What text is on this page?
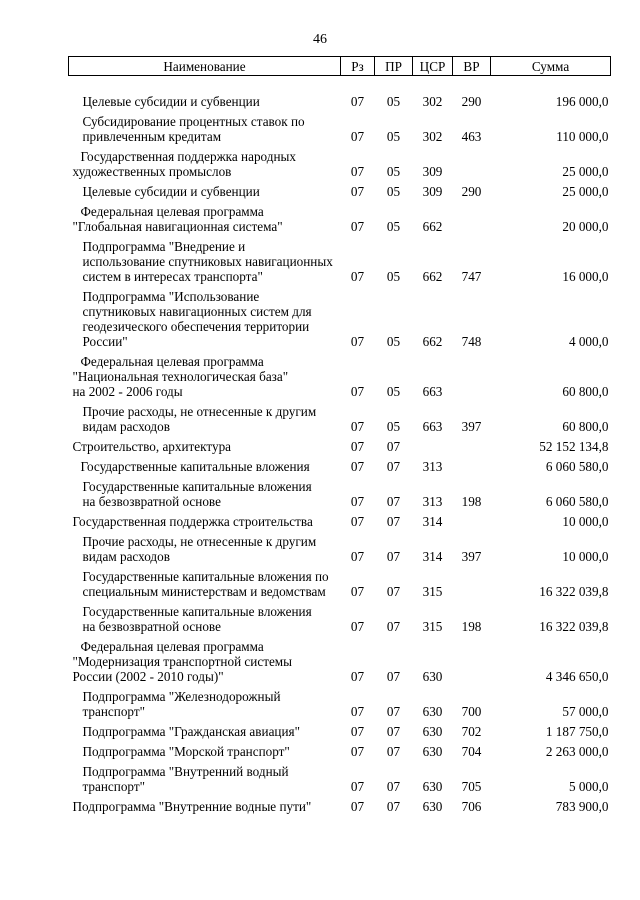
46
Наименование	Рз	ПР	ЦСР	ВР	Сумма
Целевые субсидии и субвенции	07	05	302	290	196 000,0
Субсидирование процентных ставок по
привлеченным кредитам	07	05	302	463	110 000,0
Государственная поддержка народных
художественных промыслов	07	05	309		25 000,0
Целевые субсидии и субвенции	07	05	309	290	25 000,0
Федеральная целевая программа
"Глобальная навигационная система"	07	05	662		20 000,0
Подпрограмма "Внедрение и
использование спутниковых навигационных
систем в интересах транспорта"	07	05	662	747	16 000,0
Подпрограмма "Использование
спутниковых навигационных систем для
геодезического обеспечения территории
России"	07	05	662	748	4 000,0
Федеральная целевая программа
"Национальная технологическая база"
на 2002 - 2006 годы	07	05	663		60 800,0
Прочие расходы, не отнесенные к другим
видам расходов	07	05	663	397	60 800,0
Строительство, архитектура	07	07			52 152 134,8
Государственные капитальные вложения	07	07	313		6 060 580,0
Государственные капитальные вложения
на безвозвратной основе	07	07	313	198	6 060 580,0
Государственная поддержка строительства	07	07	314		10 000,0
Прочие расходы, не отнесенные к другим
видам расходов	07	07	314	397	10 000,0
Государственные капитальные вложения по
специальным министерствам и ведомствам	07	07	315		16 322 039,8
Государственные капитальные вложения
на безвозвратной основе	07	07	315	198	16 322 039,8
Федеральная целевая программа
"Модернизация транспортной системы
России (2002 - 2010 годы)"	07	07	630		4 346 650,0
Подпрограмма "Железнодорожный
транспорт"	07	07	630	700	57 000,0
Подпрограмма "Гражданская авиация"	07	07	630	702	1 187 750,0
Подпрограмма "Морской транспорт"	07	07	630	704	2 263 000,0
Подпрограмма "Внутренний водный
транспорт"	07	07	630	705	5 000,0
Подпрограмма "Внутренние водные пути"	07	07	630	706	783 900,0
